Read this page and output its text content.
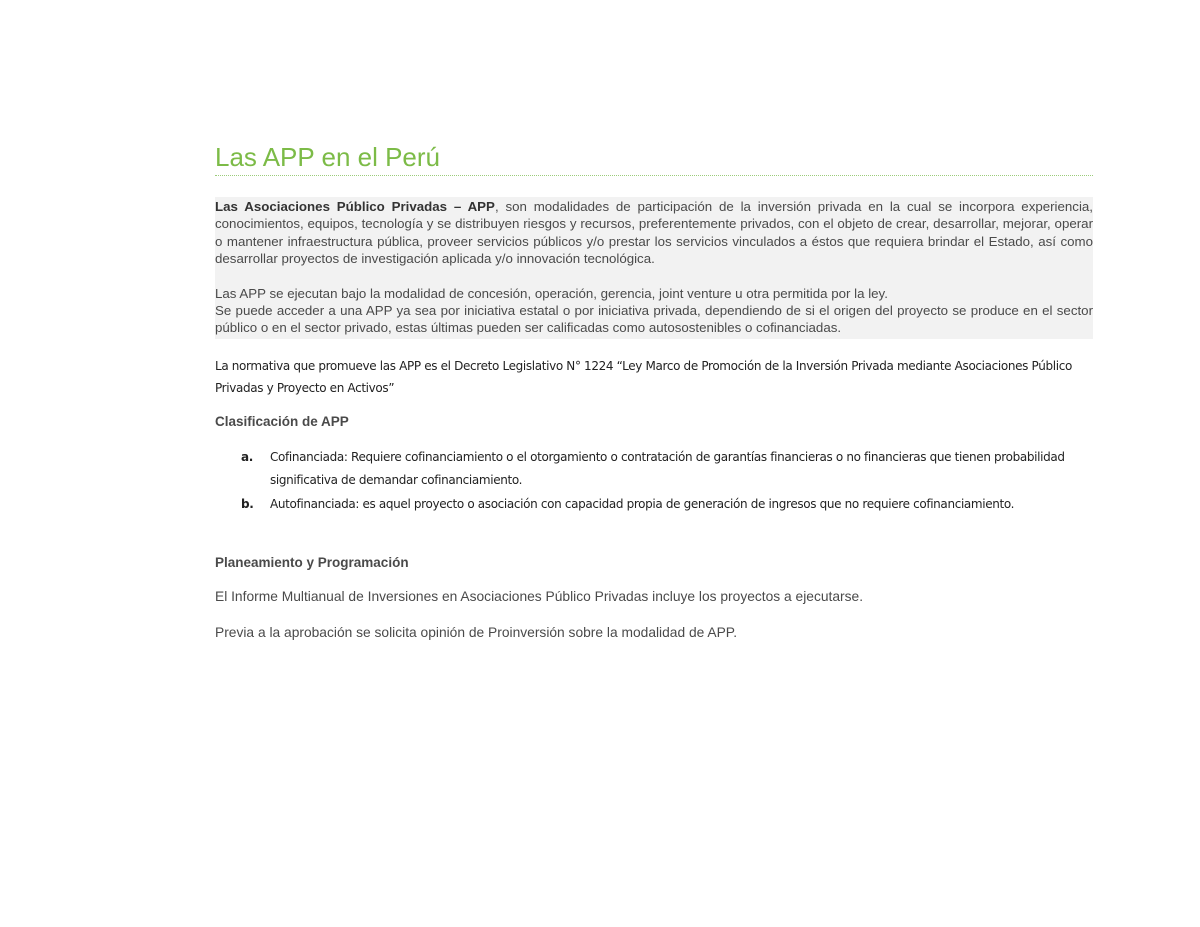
Las APP en el Perú

Las Asociaciones Público Privadas – APP, son modalidades de participación de la inversión privada en la cual se incorpora experiencia, conocimientos, equipos, tecnología y se distribuyen riesgos y recursos, preferentemente privados, con el objeto de crear, desarrollar, mejorar, operar o mantener infraestructura pública, proveer servicios públicos y/o prestar los servicios vinculados a éstos que requiera brindar el Estado, así como desarrollar proyectos de investigación aplicada y/o innovación tecnológica.

Las APP se ejecutan bajo la modalidad de concesión, operación, gerencia, joint venture u otra permitida por la ley.

Se puede acceder a una APP ya sea por iniciativa estatal o por iniciativa privada, dependiendo de si el origen del proyecto se produce en el sector público o en el sector privado, estas últimas pueden ser calificadas como autosostenibles o cofinanciadas.

La normativa que promueve las APP es el Decreto Legislativo N° 1224 “Ley Marco de Promoción de la Inversión Privada mediante Asociaciones Público Privadas y Proyecto en Activos”
Clasificación de APP
a. Cofinanciada: Requiere cofinanciamiento o el otorgamiento o contratación de garantías financieras o no financieras que tienen probabilidad significativa de demandar cofinanciamiento.
b. Autofinanciada: es aquel proyecto o asociación con capacidad propia de generación de ingresos que no requiere cofinanciamiento.
Planeamiento y Programación

El Informe Multianual de Inversiones en Asociaciones Público Privadas incluye los proyectos a ejecutarse.

Previa a la aprobación se solicita opinión de Proinversión sobre la modalidad de APP.
